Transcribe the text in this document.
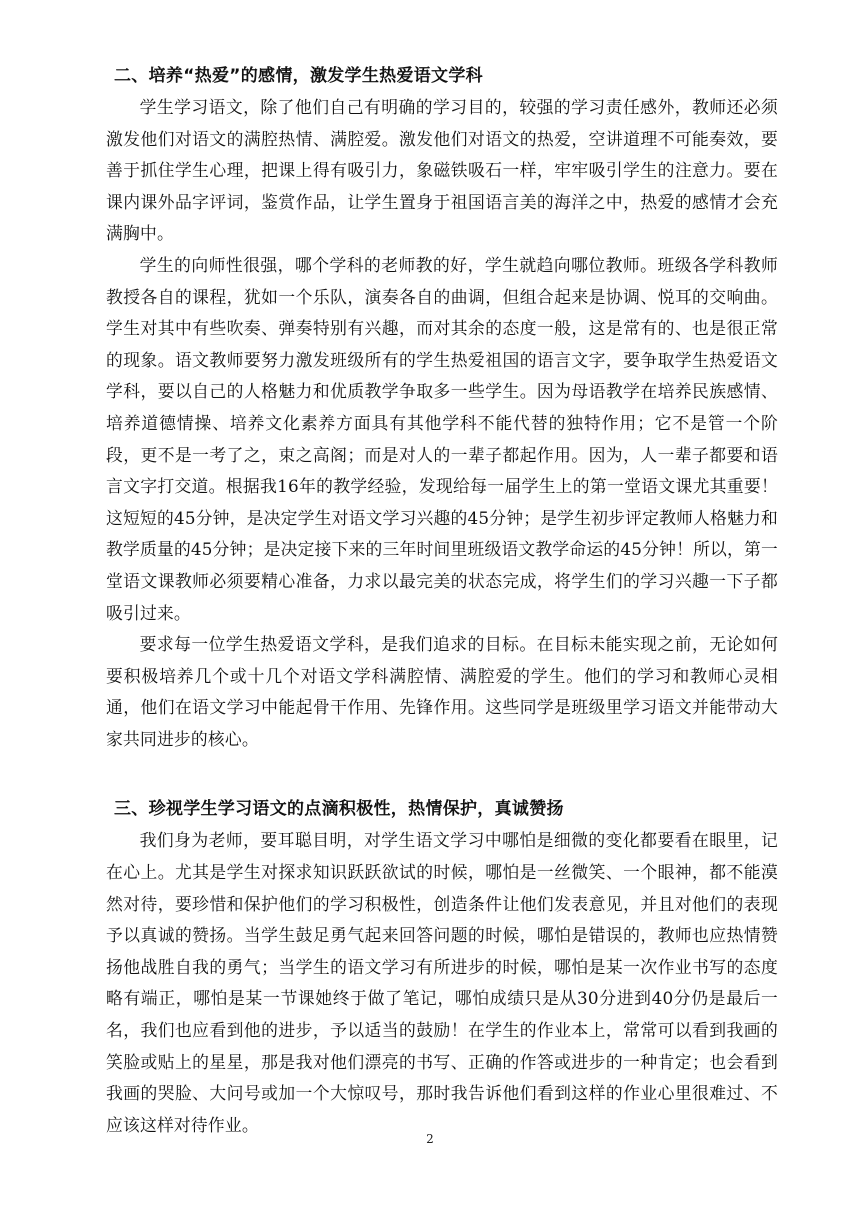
二、培养“热爱”的感情，激发学生热爱语文学科

学生学习语文，除了他们自己有明确的学习目的，较强的学习责任感外，教师还必须激发他们对语文的满腔热情、满腔爱。激发他们对语文的热爱，空讲道理不可能奏效，要善于抓住学生心理，把课上得有吸引力，象磁铁吸石一样，牢牢吸引学生的注意力。要在课内课外品字评词，鉴赏作品，让学生置身于祖国语言美的海洋之中，热爱的感情才会充满胸中。

学生的向师性很强，哪个学科的老师教的好，学生就趋向哪位教师。班级各学科教师教授各自的课程，犹如一个乐队，演奏各自的曲调，但组合起来是协调、悦耳的交响曲。学生对其中有些吹奏、弹奏特别有兴趣，而对其余的态度一般，这是常有的、也是很正常的现象。语文教师要努力激发班级所有的学生热爱祖国的语言文字，要争取学生热爱语文学科，要以自己的人格魅力和优质教学争取多一些学生。因为母语教学在培养民族感情、培养道德情操、培养文化素养方面具有其他学科不能代替的独特作用；它不是管一个阶段，更不是一考了之，束之高阁；而是对人的一辈子都起作用。因为，人一辈子都要和语言文字打交道。根据我16年的教学经验，发现给每一届学生上的第一堂语文课尤其重要！这短短的45分钟，是决定学生对语文学习兴趣的45分钟；是学生初步评定教师人格魅力和教学质量的45分钟；是决定接下来的三年时间里班级语文教学命运的45分钟！所以，第一堂语文课教师必须要精心准备，力求以最完美的状态完成，将学生们的学习兴趣一下子都吸引过来。

要求每一位学生热爱语文学科，是我们追求的目标。在目标未能实现之前，无论如何要积极培养几个或十几个对语文学科满腔情、满腔爱的学生。他们的学习和教师心灵相通，他们在语文学习中能起骨干作用、先锋作用。这些同学是班级里学习语文并能带动大家共同进步的核心。

三、珍视学生学习语文的点滴积极性，热情保护，真诚赞扬

我们身为老师，要耳聪目明，对学生语文学习中哪怕是细微的变化都要看在眼里，记在心上。尤其是学生对探求知识跃跃欲试的时候，哪怕是一丝微笑、一个眼神，都不能漠然对待，要珍惜和保护他们的学习积极性，创造条件让他们发表意见，并且对他们的表现予以真诚的赞扬。当学生鼓足勇气起来回答问题的时候，哪怕是错误的，教师也应热情赞扬他战胜自我的勇气；当学生的语文学习有所进步的时候，哪怕是某一次作业书写的态度略有端正，哪怕是某一节课她终于做了笔记，哪怕成绩只是从30分进到40分仍是最后一名，我们也应看到他的进步，予以适当的鼓励！在学生的作业本上，常常可以看到我画的笑脸或贴上的星星，那是我对他们漂亮的书写、正确的作答或进步的一种肯定；也会看到我画的哭脸、大问号或加一个大惊叹号，那时我告诉他们看到这样的作业心里很难过、不应该这样对待作业。

2
